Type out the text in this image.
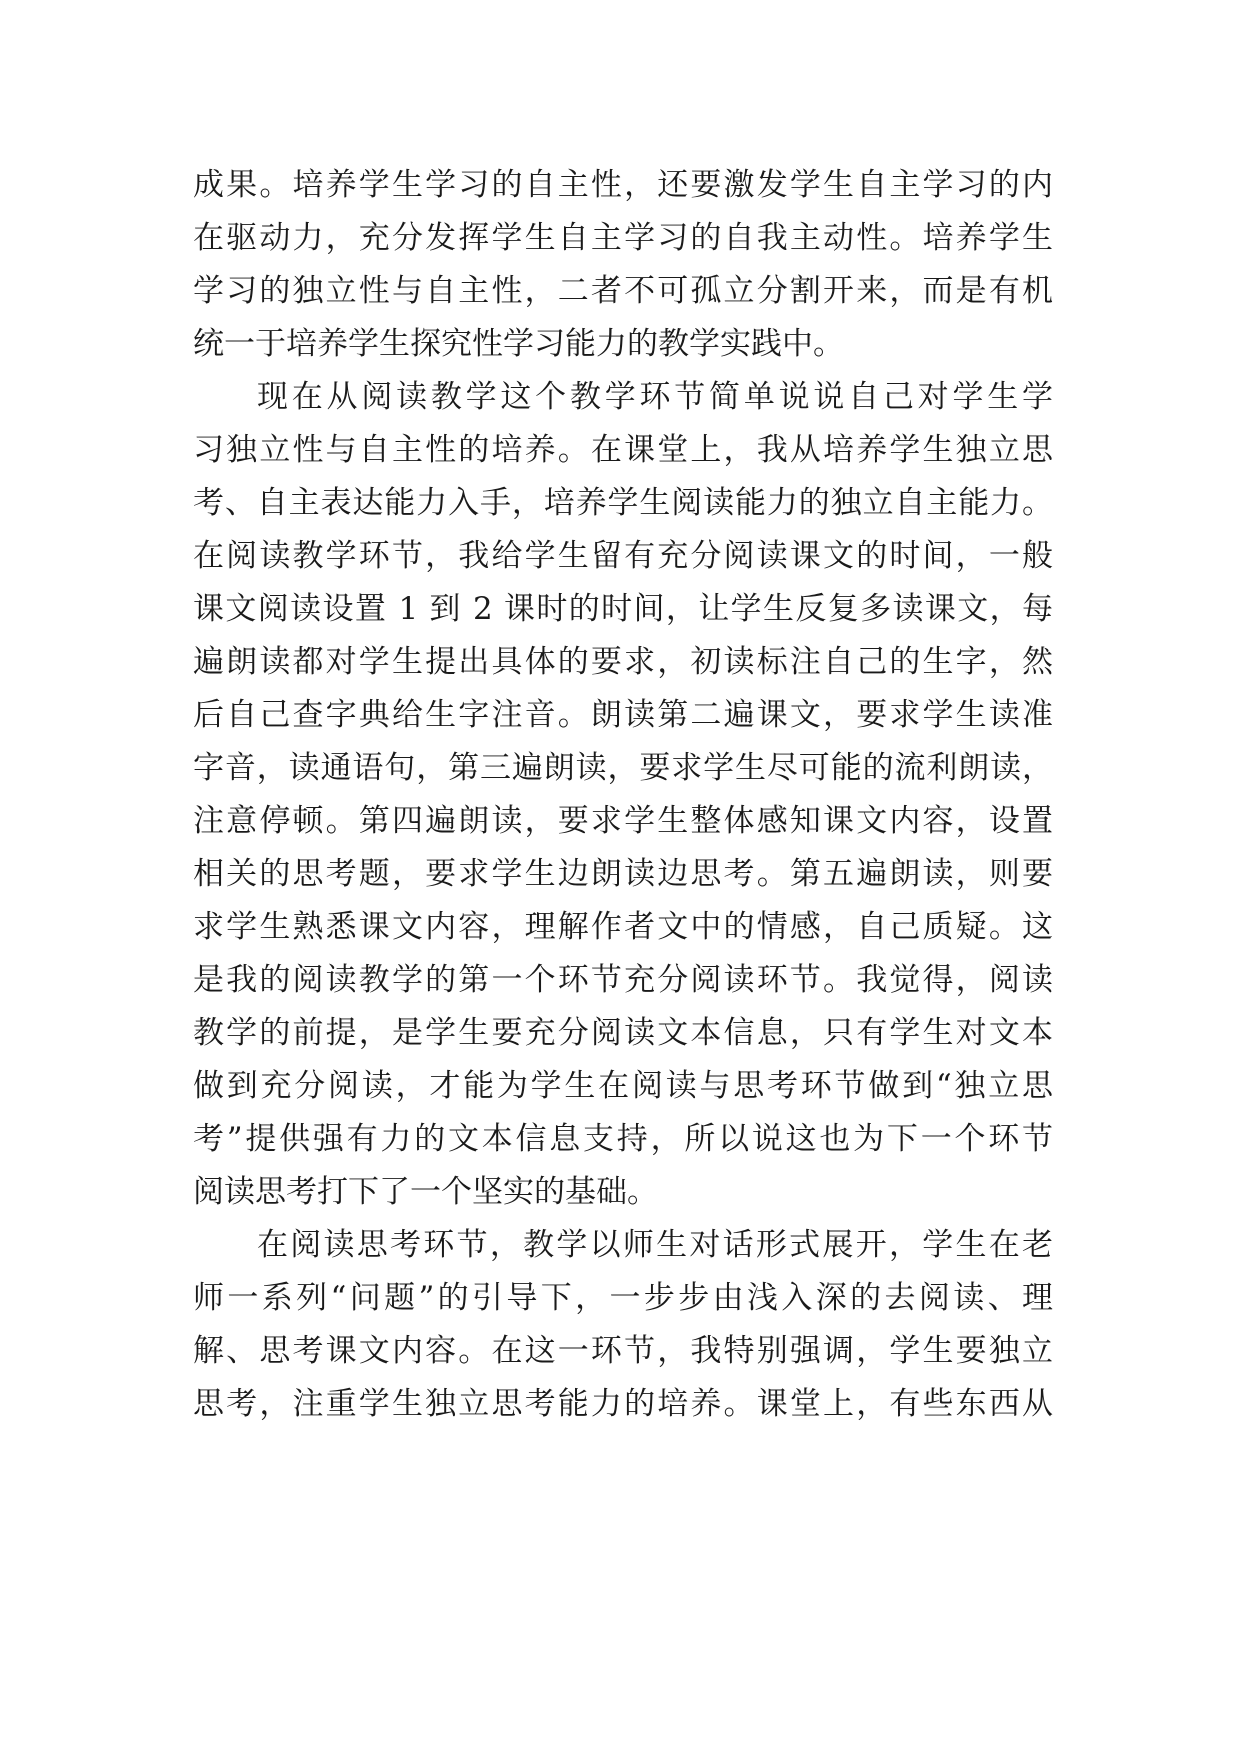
成果。培养学生学习的自主性，还要激发学生自主学习的内

在驱动力，充分发挥学生自主学习的自我主动性。培养学生

学习的独立性与自主性，二者不可孤立分割开来，而是有机

统一于培养学生探究性学习能力的教学实践中。

现在从阅读教学这个教学环节简单说说自己对学生学

习独立性与自主性的培养。在课堂上，我从培养学生独立思

考、自主表达能力入手，培养学生阅读能力的独立自主能力。

在阅读教学环节，我给学生留有充分阅读课文的时间，一般

课文阅读设置 1 到 2 课时的时间，让学生反复多读课文，每

遍朗读都对学生提出具体的要求，初读标注自己的生字，然

后自己查字典给生字注音。朗读第二遍课文，要求学生读准

字音，读通语句，第三遍朗读，要求学生尽可能的流利朗读，

注意停顿。第四遍朗读，要求学生整体感知课文内容，设置

相关的思考题，要求学生边朗读边思考。第五遍朗读，则要

求学生熟悉课文内容，理解作者文中的情感，自己质疑。这

是我的阅读教学的第一个环节充分阅读环节。我觉得，阅读

教学的前提，是学生要充分阅读文本信息，只有学生对文本

做到充分阅读，才能为学生在阅读与思考环节做到“独立思

考”提供强有力的文本信息支持，所以说这也为下一个环节

阅读思考打下了一个坚实的基础。

在阅读思考环节，教学以师生对话形式展开，学生在老

师一系列“问题”的引导下，一步步由浅入深的去阅读、理

解、思考课文内容。在这一环节，我特别强调，学生要独立

思考，注重学生独立思考能力的培养。课堂上，有些东西从
